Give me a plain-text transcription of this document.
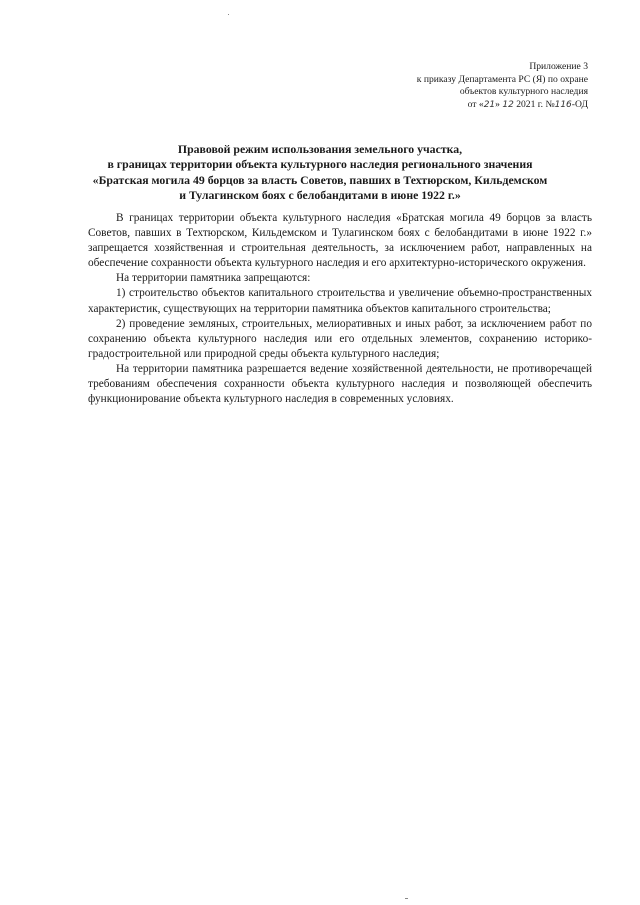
Приложение 3
к приказу Департамента РС (Я) по охране
объектов культурного наследия
от «21» 12 2021 г. №116-ОД
Правовой режим использования земельного участка,
в границах территории объекта культурного наследия регионального значения
«Братская могила 49 борцов за власть Советов, павших в Техтюрском, Кильдемском
и Тулагинском боях с белобандитами в июне 1922 г.»
В границах территории объекта культурного наследия «Братская могила 49 борцов за власть Советов, павших в Техтюрском, Кильдемском и Тулагинском боях с белобандитами в июне 1922 г.» запрещается хозяйственная и строительная деятельность, за исключением работ, направленных на обеспечение сохранности объекта культурного наследия и его архитектурно-исторического окружения.
На территории памятника запрещаются:
1) строительство объектов капитального строительства и увеличение объемно-пространственных характеристик, существующих на территории памятника объектов капитального строительства;
2) проведение земляных, строительных, мелиоративных и иных работ, за исключением работ по сохранению объекта культурного наследия или его отдельных элементов, сохранению историко-градостроительной или природной среды объекта культурного наследия;
На территории памятника разрешается ведение хозяйственной деятельности, не противоречащей требованиям обеспечения сохранности объекта культурного наследия и позволяющей обеспечить функционирование объекта культурного наследия в современных условиях.
